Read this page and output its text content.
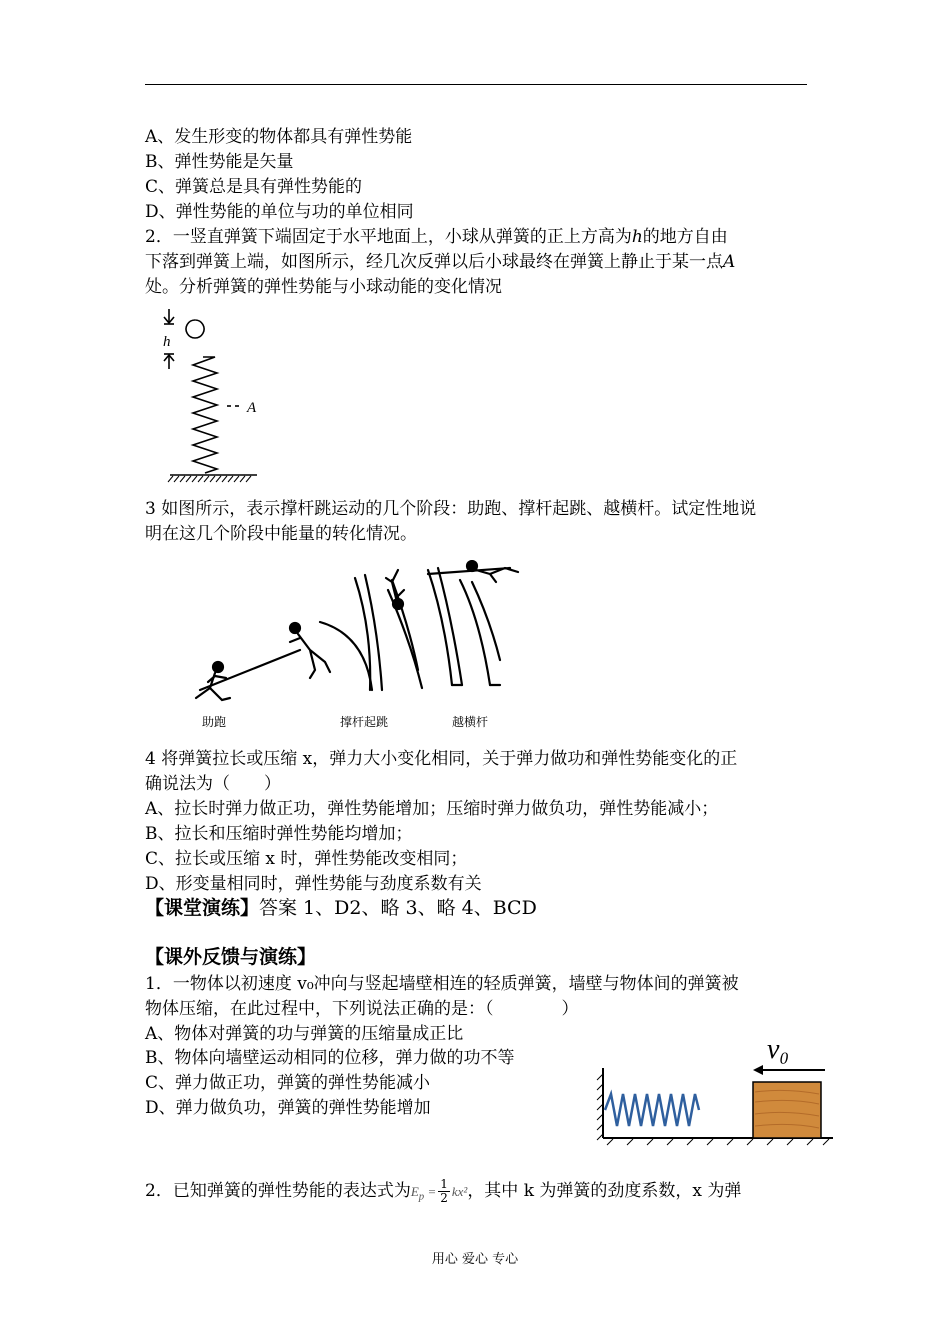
A、发生形变的物体都具有弹性势能
B、弹性势能是矢量
C、弹簧总是具有弹性势能的
D、弹性势能的单位与功的单位相同
2．一竖直弹簧下端固定于水平地面上，小球从弹簧的正上方高为h的地方自由
下落到弹簧上端，如图所示，经几次反弹以后小球最终在弹簧上静止于某一点A
处。分析弹簧的弹性势能与小球动能的变化情况
h
A
3 如图所示，表示撑杆跳运动的几个阶段：助跑、撑杆起跳、越横杆。试定性地说
明在这几个阶段中能量的转化情况。
助跑	撑杆起跳	越横杆
4 将弹簧拉长或压缩 x，弹力大小变化相同，关于弹力做功和弹性势能变化的正
确说法为（　　）
A、拉长时弹力做正功，弹性势能增加；压缩时弹力做负功，弹性势能减小；
B、拉长和压缩时弹性势能均增加；
C、拉长或压缩 x 时，弹性势能改变相同；
D、形变量相同时，弹性势能与劲度系数有关
【课堂演练】答案 1、D2、略 3、略 4、BCD
【课外反馈与演练】
1．一物体以初速度 v₀冲向与竖起墙壁相连的轻质弹簧，墙壁与物体间的弹簧被
物体压缩，在此过程中，下列说法正确的是：（　　　　）
A、物体对弹簧的功与弹簧的压缩量成正比
B、物体向墙壁运动相同的位移，弹力做的功不等
C、弹力做正功，弹簧的弹性势能减小
D、弹力做负功，弹簧的弹性势能增加
v₀
2．已知弹簧的弹性势能的表达式为$E_p = \frac{1}{2} kx^2$，其中 k 为弹簧的劲度系数，x 为弹
用心 爱心 专心
